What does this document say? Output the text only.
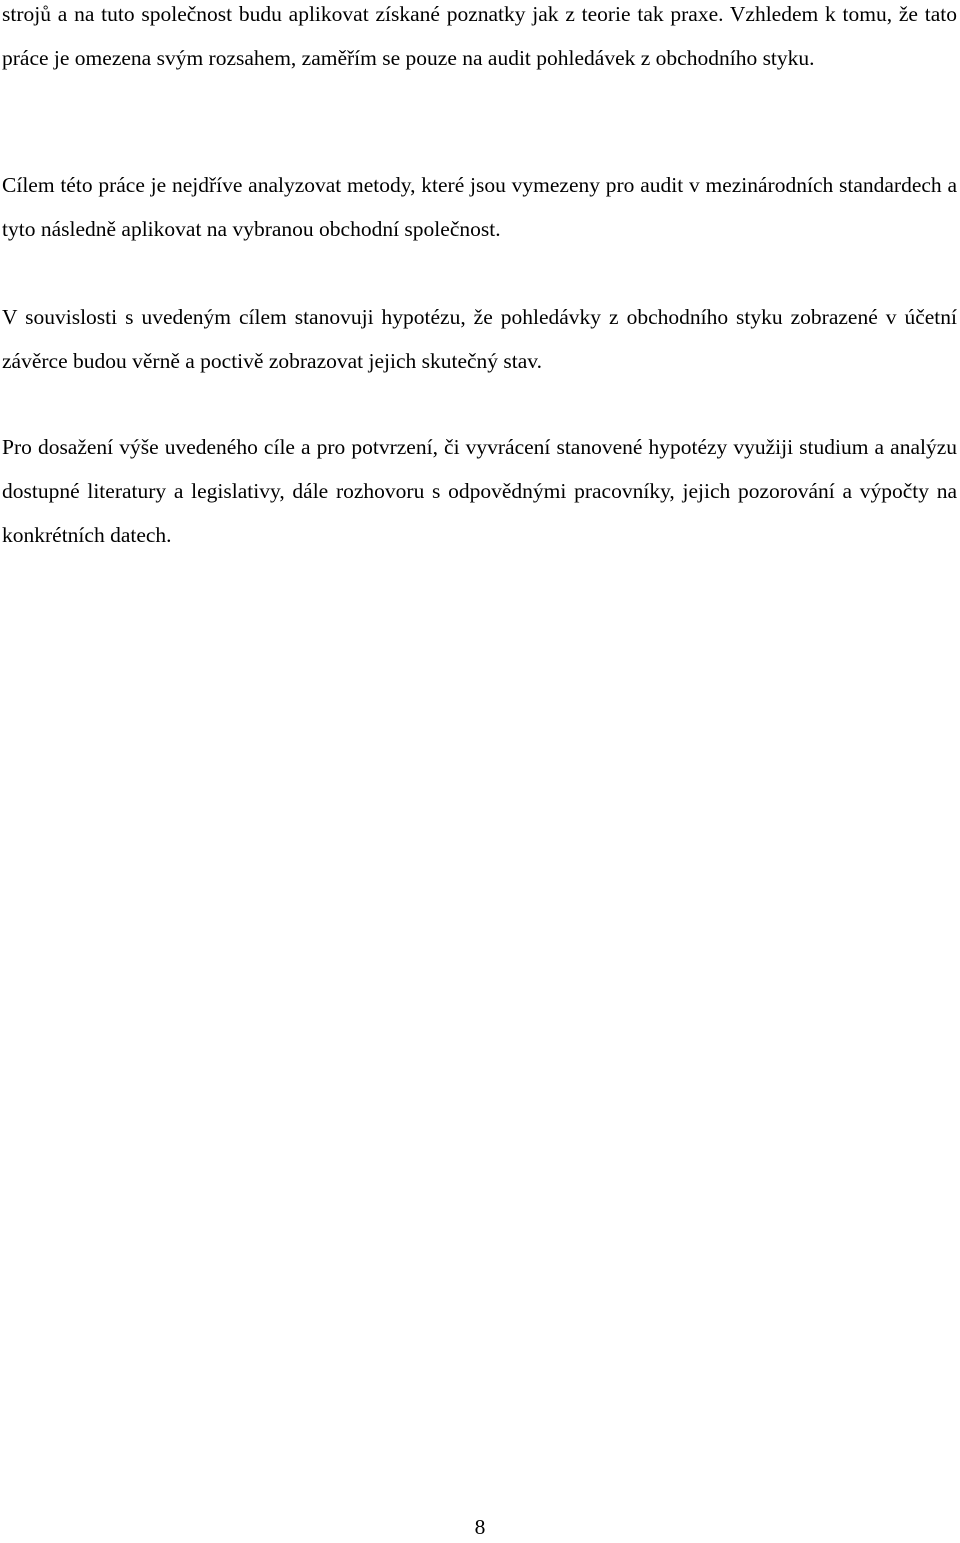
strojů a na tuto společnost budu aplikovat získané poznatky jak z teorie tak praxe. Vzhledem k tomu, že tato práce je omezena svým rozsahem, zaměřím se pouze na audit pohledávek z obchodního styku.

Cílem této práce je nejdříve analyzovat metody, které jsou vymezeny pro audit v mezinárodních standardech a tyto následně aplikovat na vybranou obchodní společnost.

V souvislosti s uvedeným cílem stanovuji hypotézu, že pohledávky z obchodního styku zobrazené v účetní závěrce budou věrně a poctivě zobrazovat jejich skutečný stav.

Pro dosažení výše uvedeného cíle a pro potvrzení, či vyvrácení stanovené hypotézy využiji studium a analýzu dostupné literatury a legislativy, dále rozhovoru s odpovědnými pracovníky, jejich pozorování a výpočty na konkrétních datech.

8
